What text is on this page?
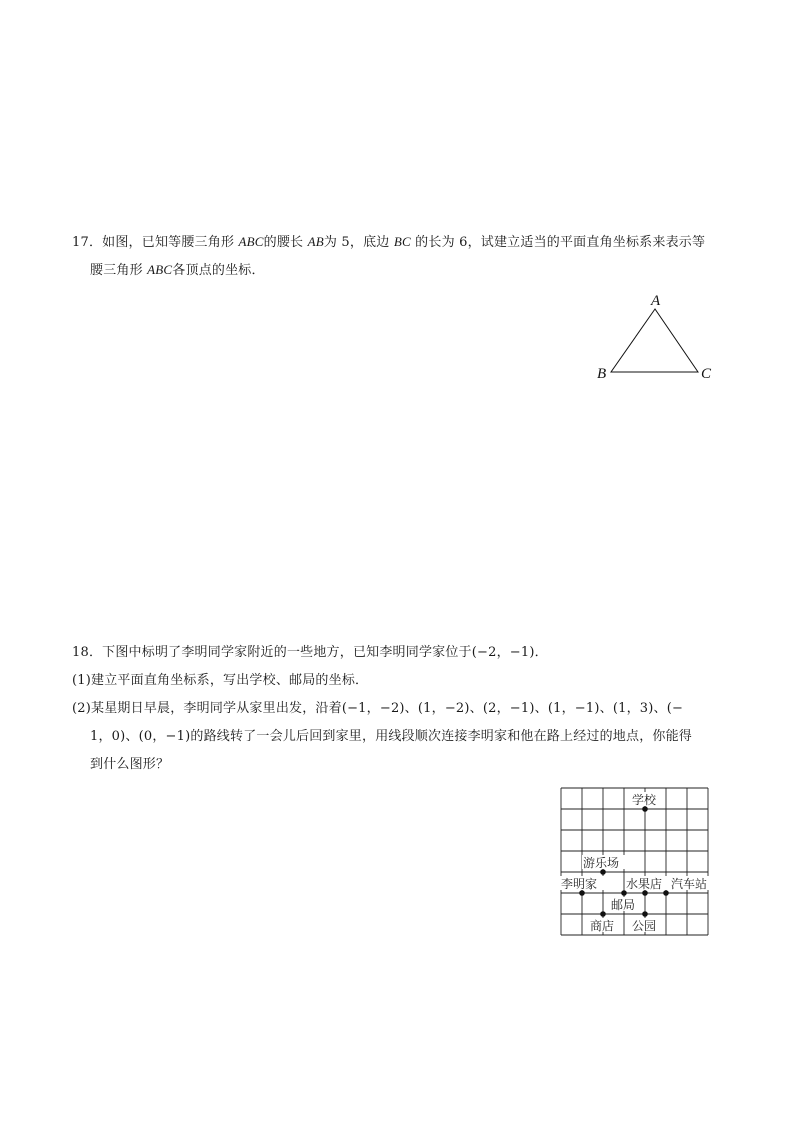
17．如图，已知等腰三角形 ABC的腰长 AB为 5，底边 BC 的长为 6，试建立适当的平面直角坐标系来表示等
腰三角形 ABC各顶点的坐标．
A
B	C
18．下图中标明了李明同学家附近的一些地方，已知李明同学家位于(−2，−1)．
(1)建立平面直角坐标系，写出学校、邮局的坐标．
(2)某星期日早晨，李明同学从家里出发，沿着(−1，−2)、(1，−2)、(2，−1)、(1，−1)、(1，3)、(−
1，0)、(0，−1)的路线转了一会儿后回到家里，用线段顺次连接李明家和他在路上经过的地点，你能得
到什么图形？
学校
游乐场
李明家 水果店 汽车站
邮局
商店 公园
